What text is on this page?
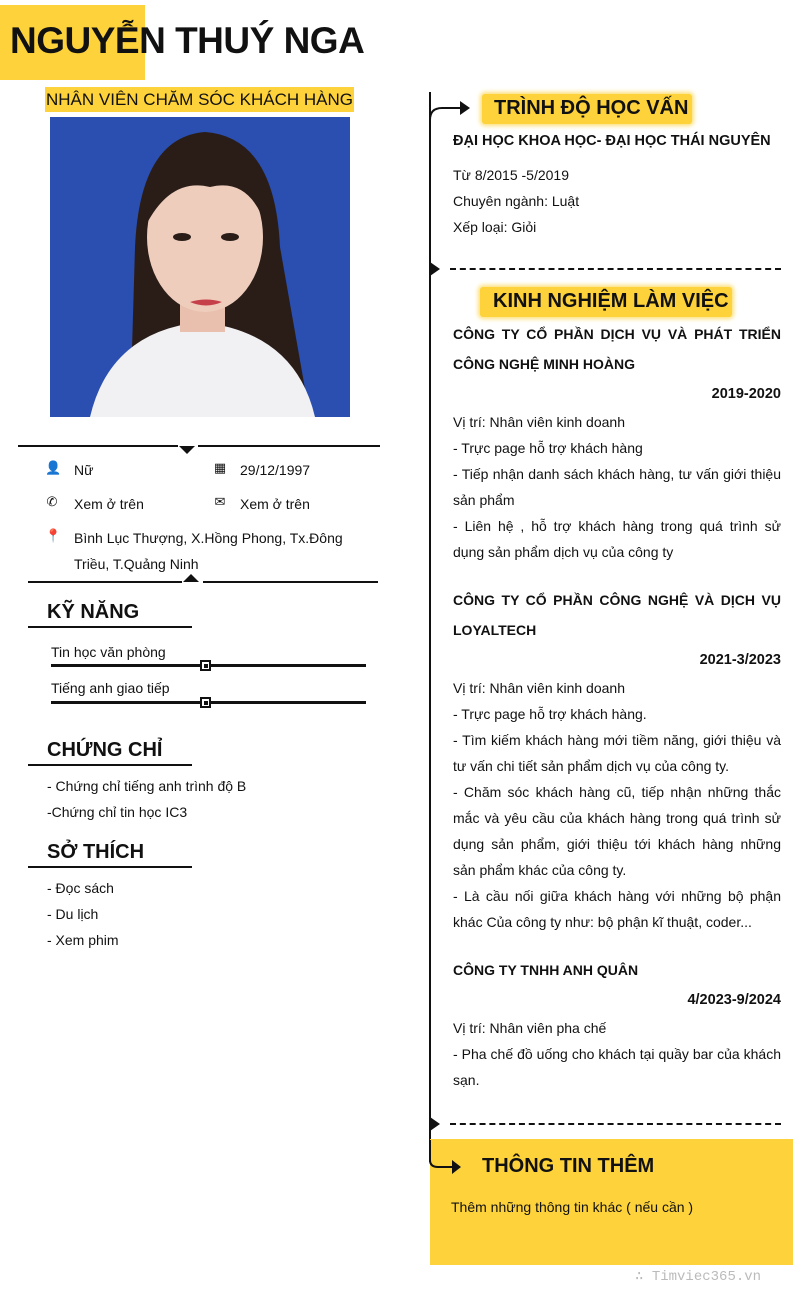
NGUYỄN THUÝ NGA
NHÂN VIÊN CHĂM SÓC KHÁCH HÀNG
👤 Nữ	▦ 29/12/1997
✆ Xem ở trên	✉ Xem ở trên
📍 Bình Lục Thượng, X.Hồng Phong, Tx.Đông
Triều, T.Quảng Ninh
KỸ NĂNG
Tin học văn phòng
Tiếng anh giao tiếp
CHỨNG CHỈ
- Chứng chỉ tiếng anh trình độ B
-Chứng chỉ tin học IC3
SỞ THÍCH
- Đọc sách
- Du lịch
- Xem phim
TRÌNH ĐỘ HỌC VẤN
ĐẠI HỌC KHOA HỌC- ĐẠI HỌC THÁI NGUYÊN
Từ 8/2015 -5/2019
Chuyên ngành: Luật
Xếp loại: Giỏi
KINH NGHIỆM LÀM VIỆC
CÔNG TY CỔ PHẦN DỊCH VỤ VÀ PHÁT TRIỂN CÔNG NGHỆ MINH HOÀNG
2019-2020
Vị trí: Nhân viên kinh doanh
- Trực page hỗ trợ khách hàng
- Tiếp nhận danh sách khách hàng, tư vấn giới thiệu sản phẩm
- Liên hệ , hỗ trợ khách hàng trong quá trình sử dụng sản phẩm dịch vụ của công ty
CÔNG TY CỔ PHẦN CÔNG NGHỆ VÀ DỊCH VỤ LOYALTECH
2021-3/2023
Vị trí: Nhân viên kinh doanh
- Trực page hỗ trợ khách hàng.
- Tìm kiếm khách hàng mới tiềm năng, giới thiệu và tư vấn chi tiết sản phẩm dịch vụ của công ty.
- Chăm sóc khách hàng cũ, tiếp nhận những thắc mắc và yêu cầu của khách hàng trong quá trình sử dụng sản phẩm, giới thiệu tới khách hàng những sản phẩm khác của công ty.
- Là cầu nối giữa khách hàng với những bộ phận khác Của công ty như: bộ phận kĩ thuật, coder...
CÔNG TY TNHH ANH QUÂN
4/2023-9/2024
Vị trí: Nhân viên pha chế
- Pha chế đồ uống cho khách tại quầy bar của khách sạn.
THÔNG TIN THÊM
Thêm những thông tin khác ( nếu cần )
∴ Timviec365.vn
